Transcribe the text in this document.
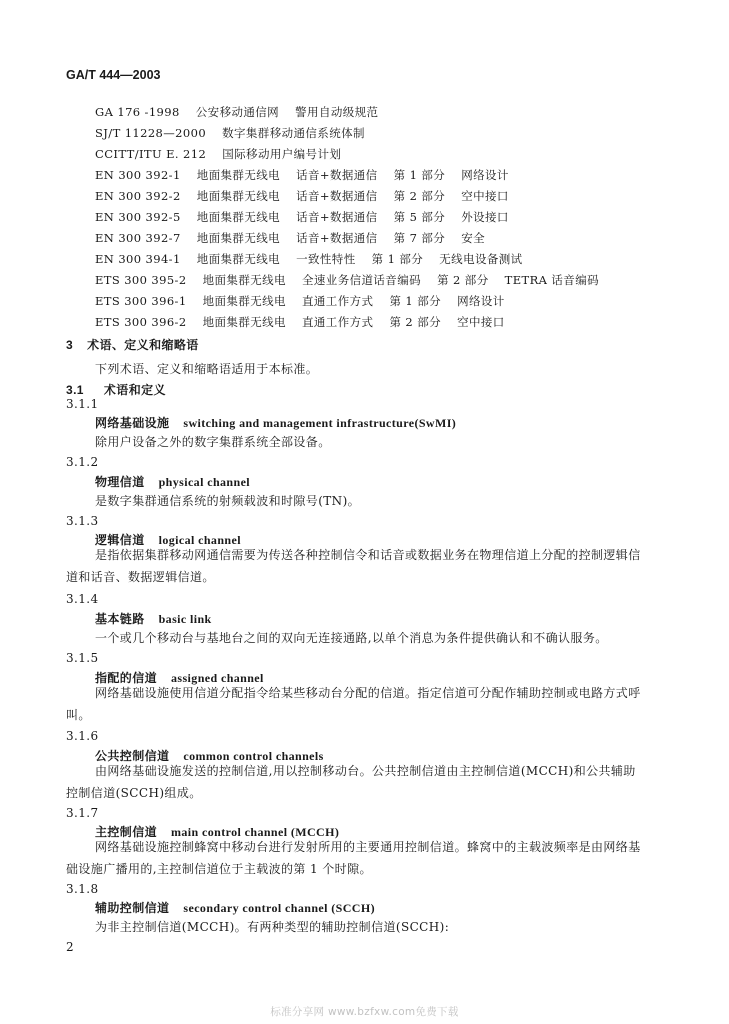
GA/T 444—2003
GA 176 -1998 公安移动通信网 警用自动级规范
SJ/T 11228—2000 数字集群移动通信系统体制
CCITT/ITU E. 212 国际移动用户编号计划
EN 300 392-1 地面集群无线电 话音+数据通信 第 1 部分 网络设计
EN 300 392-2 地面集群无线电 话音+数据通信 第 2 部分 空中接口
EN 300 392-5 地面集群无线电 话音+数据通信 第 5 部分 外设接口
EN 300 392-7 地面集群无线电 话音+数据通信 第 7 部分 安全
EN 300 394-1 地面集群无线电 一致性特性 第 1 部分 无线电设备测试
ETS 300 395-2 地面集群无线电 全速业务信道话音编码 第 2 部分 TETRA 话音编码
ETS 300 396-1 地面集群无线电 直通工作方式 第 1 部分 网络设计
ETS 300 396-2 地面集群无线电 直通工作方式 第 2 部分 空中接口
3 术语、定义和缩略语
下列术语、定义和缩略语适用于本标准。
3.1 术语和定义
3.1.1
网络基础设施 switching and management infrastructure(SwMI)
除用户设备之外的数字集群系统全部设备。
3.1.2
物理信道 physical channel
是数字集群通信系统的射频载波和时隙号(TN)。
3.1.3
逻辑信道 logical channel
是指依据集群移动网通信需要为传送各种控制信令和话音或数据业务在物理信道上分配的控制逻辑信道和话音、数据逻辑信道。
3.1.4
基本链路 basic link
一个或几个移动台与基地台之间的双向无连接通路,以单个消息为条件提供确认和不确认服务。
3.1.5
指配的信道 assigned channel
网络基础设施使用信道分配指令给某些移动台分配的信道。指定信道可分配作辅助控制或电路方式呼叫。
3.1.6
公共控制信道 common control channels
由网络基础设施发送的控制信道,用以控制移动台。公共控制信道由主控制信道(MCCH)和公共辅助控制信道(SCCH)组成。
3.1.7
主控制信道 main control channel (MCCH)
网络基础设施控制蜂窝中移动台进行发射所用的主要通用控制信道。蜂窝中的主载波频率是由网络基础设施广播用的,主控制信道位于主载波的第 1 个时隙。
3.1.8
辅助控制信道 secondary control channel (SCCH)
为非主控制信道(MCCH)。有两种类型的辅助控制信道(SCCH):
2
标准分享网 www.bzfxw.com免费下载
